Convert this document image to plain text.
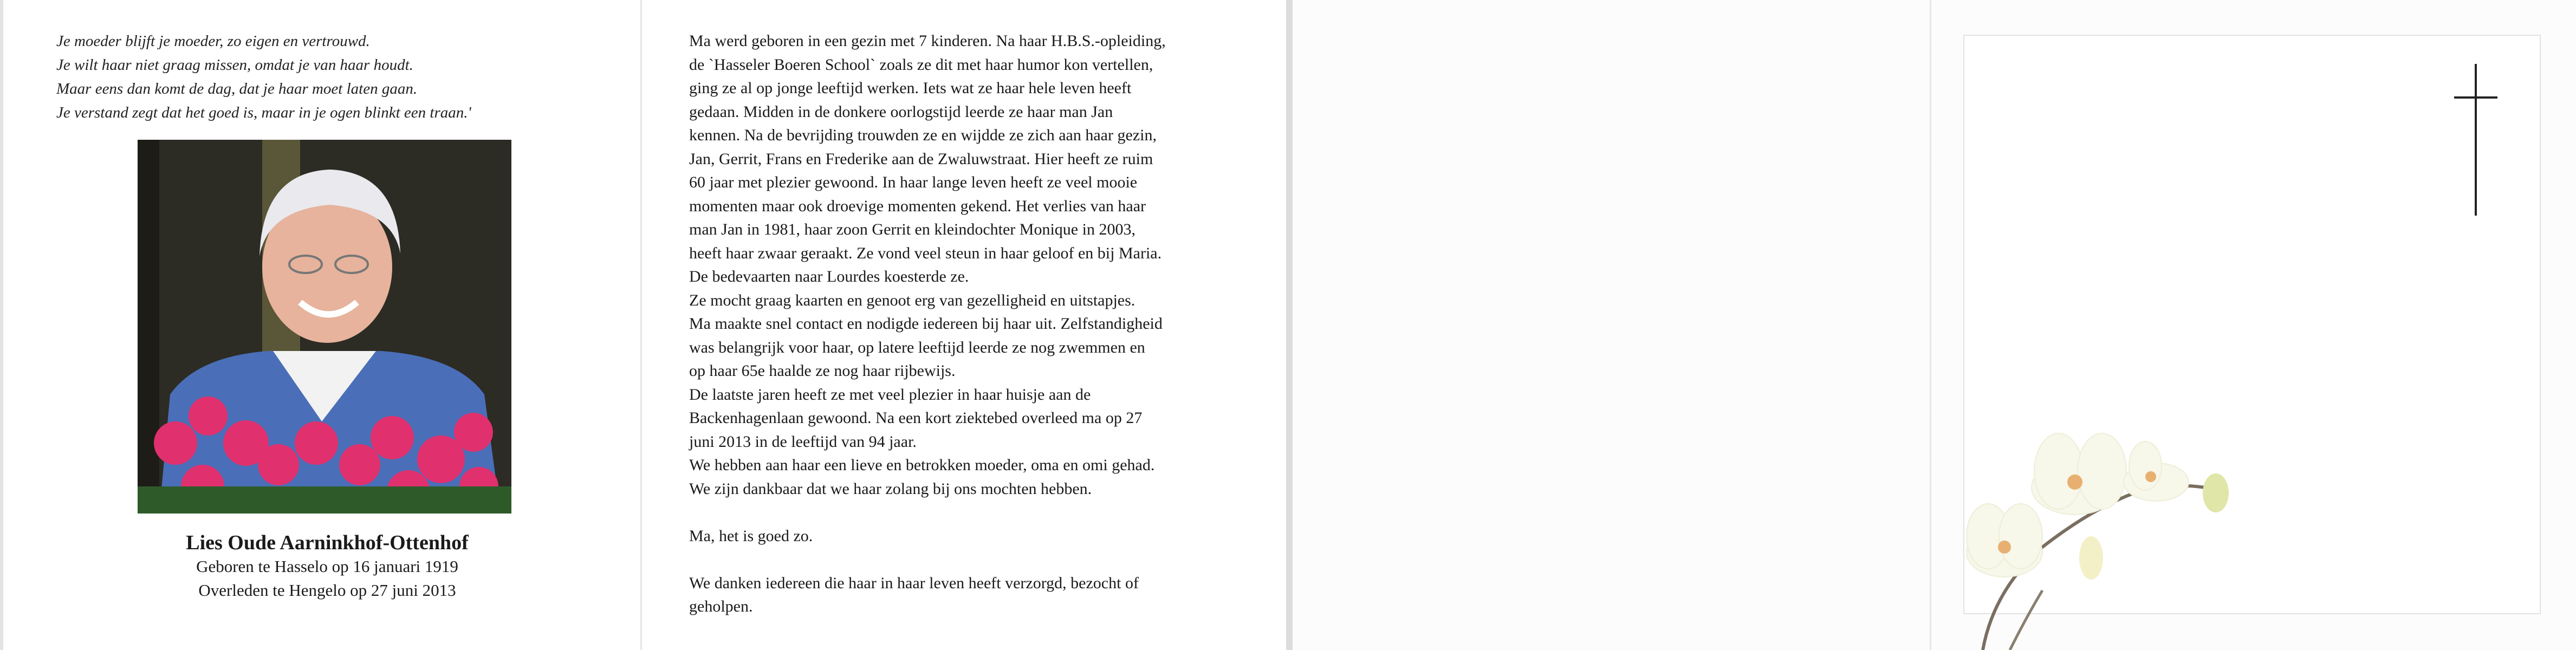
Je moeder blijft je moeder, zo eigen en vertrouwd.
Je wilt haar niet graag missen, omdat je van haar houdt.
Maar eens dan komt de dag, dat je haar moet laten gaan.
Je verstand zegt dat het goed is, maar in je ogen blinkt een traan.'
Lies Oude Aarninkhof-Ottenhof
Geboren te Hasselo op 16 januari 1919
Overleden te Hengelo op 27 juni 2013
Ma werd geboren in een gezin met 7 kinderen. Na haar H.B.S.-opleiding,
de `Hasseler Boeren School` zoals ze dit met haar humor kon vertellen,
ging ze al op jonge leeftijd werken. Iets wat ze haar hele leven heeft
gedaan. Midden in de donkere oorlogstijd leerde ze haar man Jan
kennen. Na de bevrijding trouwden ze en wijdde ze zich aan haar gezin,
Jan, Gerrit, Frans en Frederike aan de Zwaluwstraat. Hier heeft ze ruim
60 jaar met plezier gewoond. In haar lange leven heeft ze veel mooie
momenten maar ook droevige momenten gekend. Het verlies van haar
man Jan in 1981, haar zoon Gerrit en kleindochter Monique in 2003,
heeft haar zwaar geraakt. Ze vond veel steun in haar geloof en bij Maria.
De bedevaarten naar Lourdes koesterde ze.
Ze mocht graag kaarten en genoot erg van gezelligheid en uitstapjes.
Ma maakte snel contact en nodigde iedereen bij haar uit. Zelfstandigheid
was belangrijk voor haar, op latere leeftijd leerde ze nog zwemmen en
op haar 65e haalde ze nog haar rijbewijs.
De laatste jaren heeft ze met veel plezier in haar huisje aan de
Backenhagenlaan gewoond. Na een kort ziektebed overleed ma op 27
juni 2013 in de leeftijd van 94 jaar.
We hebben aan haar een lieve en betrokken moeder, oma en omi gehad.
We zijn dankbaar dat we haar zolang bij ons mochten hebben.
Ma, het is goed zo.
We danken iedereen die haar in haar leven heeft verzorgd, bezocht of
geholpen.
